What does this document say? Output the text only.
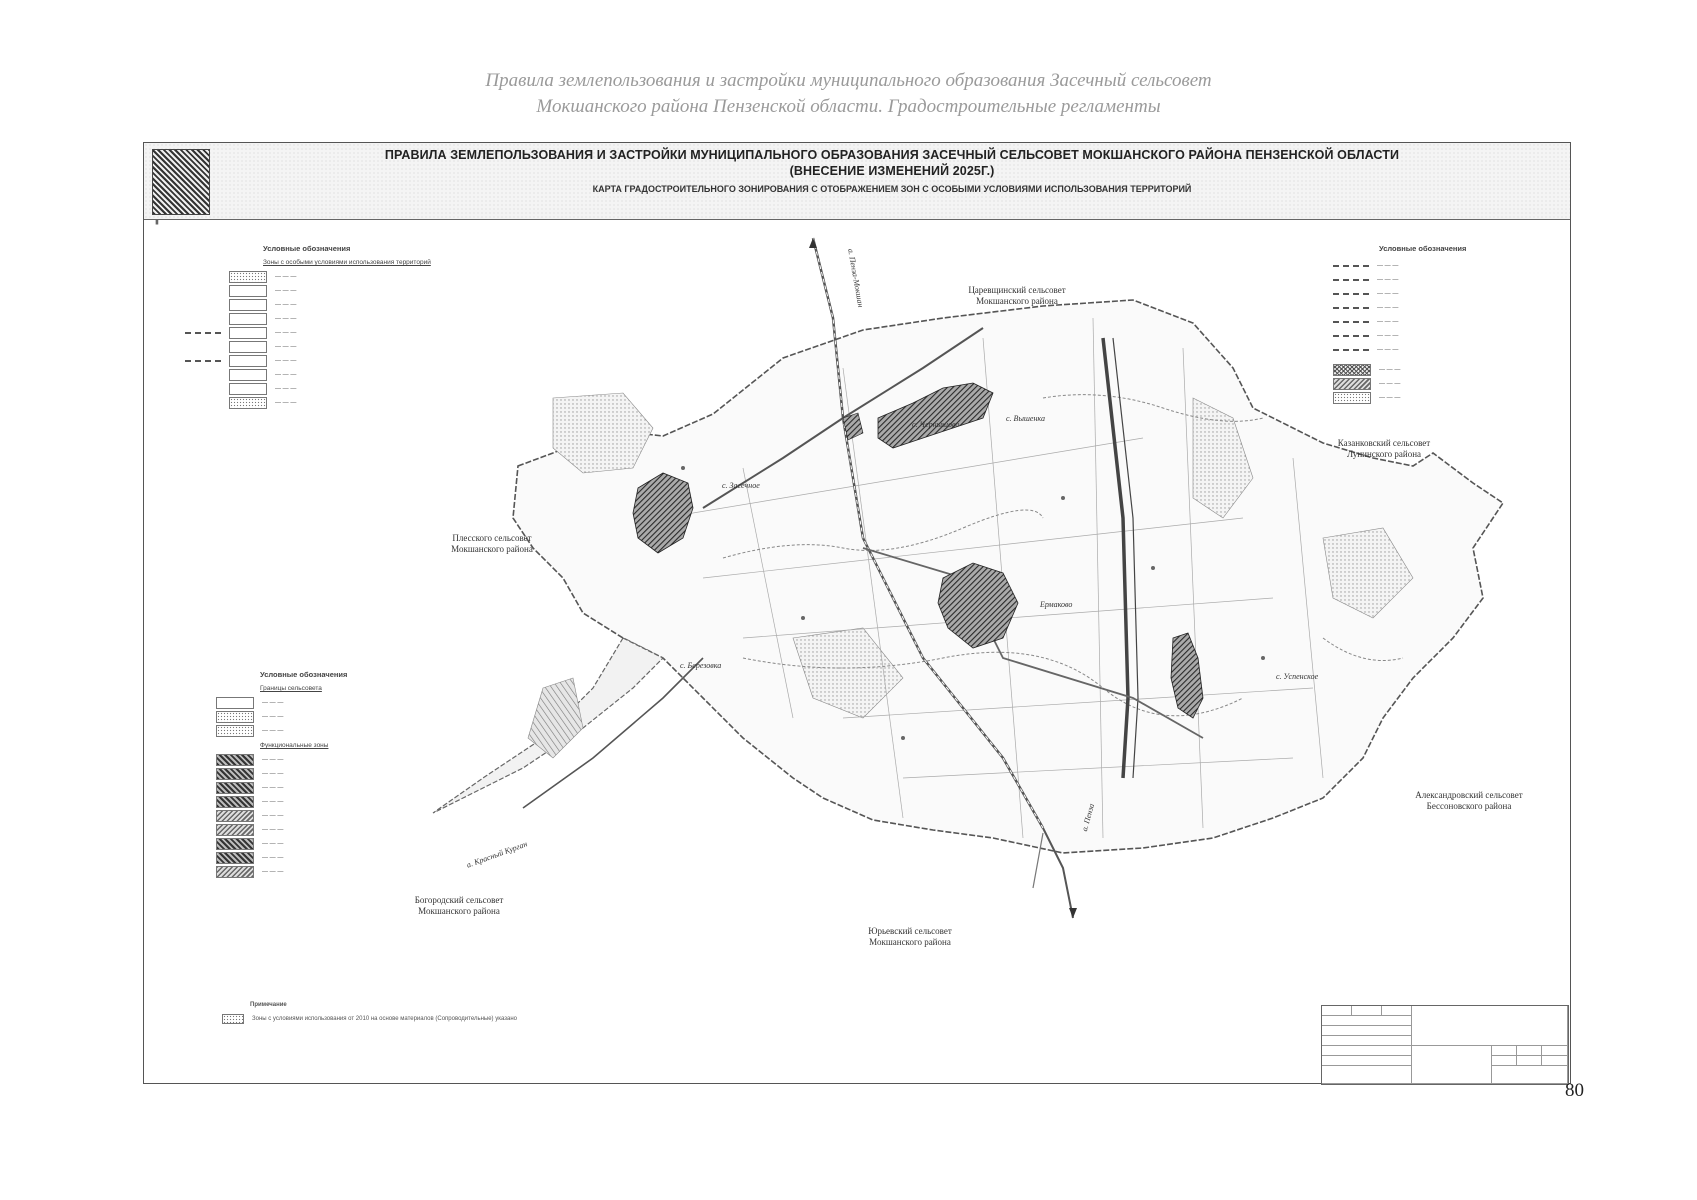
Правила землепользования и застройки муниципального образования Засечный сельсовет
Мокшанского района Пензенской области. Градостроительные регламенты
ПРАВИЛА ЗЕМЛЕПОЛЬЗОВАНИЯ И ЗАСТРОЙКИ МУНИЦИПАЛЬНОГО ОБРАЗОВАНИЯ ЗАСЕЧНЫЙ СЕЛЬСОВЕТ МОКШАНСКОГО РАЙОНА ПЕНЗЕНСКОЙ ОБЛАСТИ
(ВНЕСЕНИЕ ИЗМЕНЕНИЙ 2025Г.)
КАРТА ГРАДОСТРОИТЕЛЬНОГО ЗОНИРОВАНИЯ С ОТОБРАЖЕНИЕМ ЗОН С ОСОБЫМИ УСЛОВИЯМИ ИСПОЛЬЗОВАНИЯ ТЕРРИТОРИЙ
Царевщинский сельсовет
Мокшанского района
Казанковский сельсовет
Лунинского района
Плесского сельсовет
Мокшанского района
Александровский сельсовет
Бессоновского района
Богородский сельсовет
Мокшанского района
Юрьевский сельсовет
Мокшанского района
а. Пенза-Мокшан
а. Красный Курган
а. Пенза
с. Засечное
с. Вышенка
с. Чернышово
Ермаково
с. Березовка
с. Успенское
▮
Условные обозначения
Зоны с особыми условиями использования территорий
— — —
— — —
— — —
— — —
— — —
— — —
— — —
— — —
— — —
— — —
Условные обозначения
— — —
— — —
— — —
— — —
— — —
— — —
— — —
— — —
— — —
— — —
Условные обозначения
Границы сельсовета
— — —
— — —
— — —
Функциональные зоны
— — —
— — —
— — —
— — —
— — —
— — —
— — —
— — —
— — —
Примечание
Зоны с условиями использования от 2010 на основе материалов (Сопроводительные) указано
80
